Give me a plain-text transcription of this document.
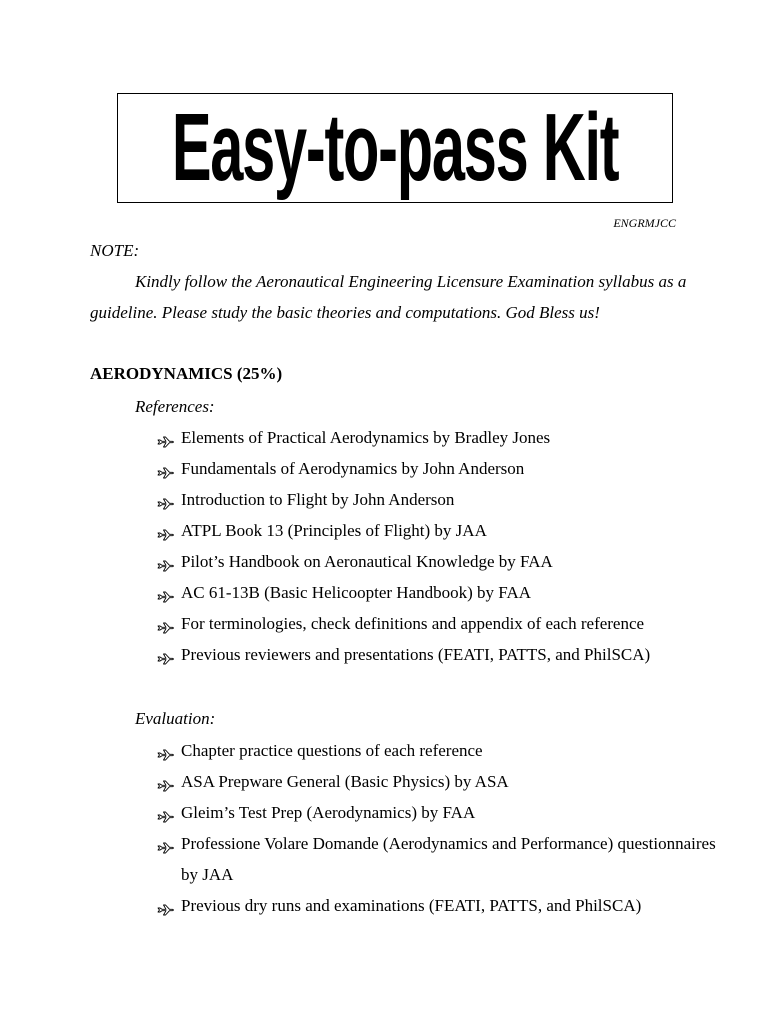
Easy-to-pass Kit
ENGRMJCC
NOTE:
Kindly follow the Aeronautical Engineering Licensure Examination syllabus as a guideline. Please study the basic theories and computations. God Bless us!
AERODYNAMICS (25%)
References:
Elements of Practical Aerodynamics by Bradley Jones
Fundamentals of Aerodynamics by John Anderson
Introduction to Flight by John Anderson
ATPL Book 13 (Principles of Flight) by JAA
Pilot’s Handbook on Aeronautical Knowledge by FAA
AC 61-13B (Basic Helicoopter Handbook) by FAA
For terminologies, check definitions and appendix of each reference
Previous reviewers and presentations (FEATI, PATTS, and PhilSCA)
Evaluation:
Chapter practice questions of each reference
ASA Prepware General (Basic Physics) by ASA
Gleim’s Test Prep (Aerodynamics) by FAA
Professione Volare Domande (Aerodynamics and Performance) questionnaires by JAA
Previous dry runs and examinations (FEATI, PATTS, and PhilSCA)
